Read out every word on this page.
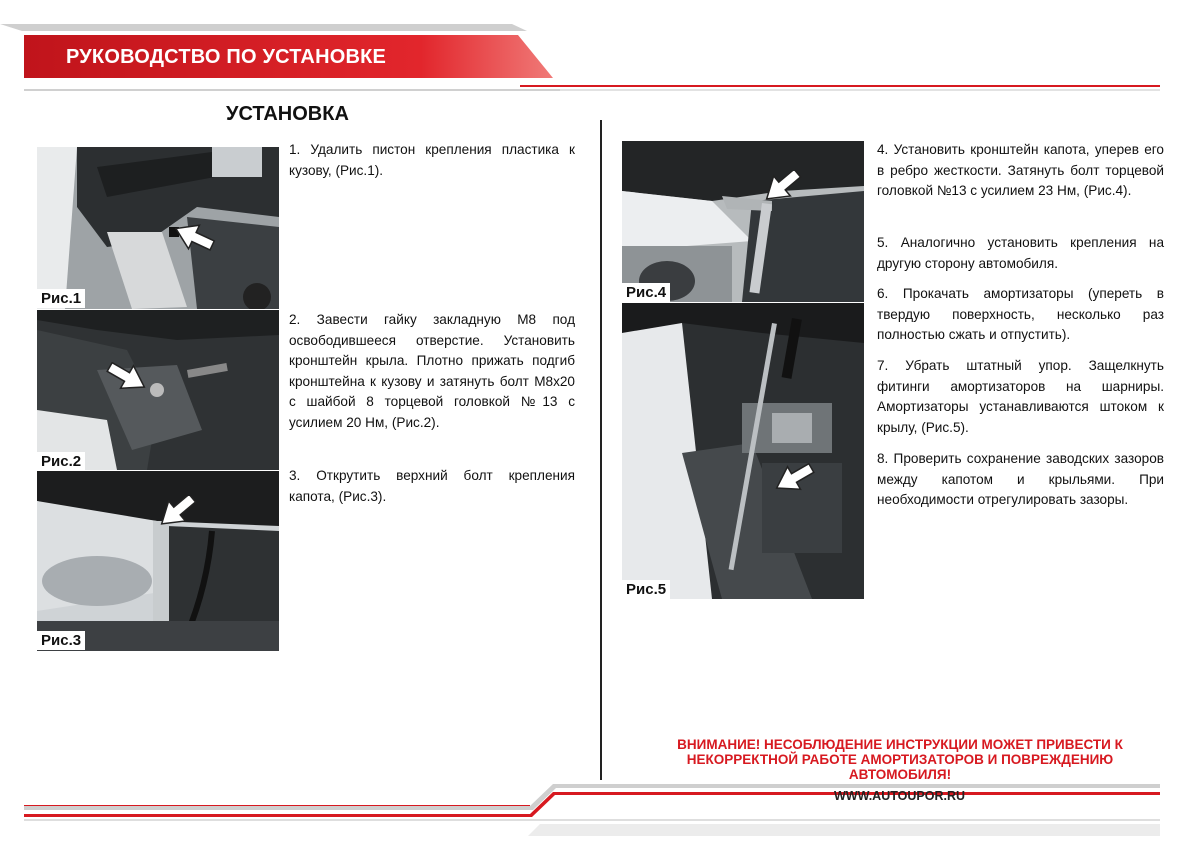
РУКОВОДСТВО ПО УСТАНОВКЕ
УСТАНОВКА
Рис.1
Рис.2
Рис.3
Рис.4
Рис.5

1. Удалить пистон крепления пластика к кузову, (Рис.1).

2. Завести гайку закладную М8 под освободившееся отверстие. Установить кронштейн крыла. Плотно прижать подгиб кронштейна к кузову и затянуть болт М8х20 с шайбой 8 торцевой головкой №13 с усилием 20 Нм, (Рис.2).

3. Открутить верхний болт крепления капота, (Рис.3).

4. Установить кронштейн капота, уперев его в ребро жесткости. Затянуть болт торцевой головкой №13 с усилием 23 Нм, (Рис.4).

5. Аналогично установить крепления на другую сторону автомобиля.

6. Прокачать амортизаторы (упереть в твердую поверхность, несколько раз полностью сжать и отпустить).

7. Убрать штатный упор. Защелкнуть фитинги амортизаторов на шарниры. Амортизаторы устанавливаются штоком к крылу, (Рис.5).

8. Проверить сохранение заводских зазоров между капотом и крыльями. При необходимости отрегулировать зазоры.

ВНИМАНИЕ! НЕСОБЛЮДЕНИЕ ИНСТРУКЦИИ МОЖЕТ ПРИВЕСТИ К НЕКОРРЕКТНОЙ РАБОТЕ АМОРТИЗАТОРОВ И ПОВРЕЖДЕНИЮ АВТОМОБИЛЯ!
WWW.AUTOUPOR.RU
